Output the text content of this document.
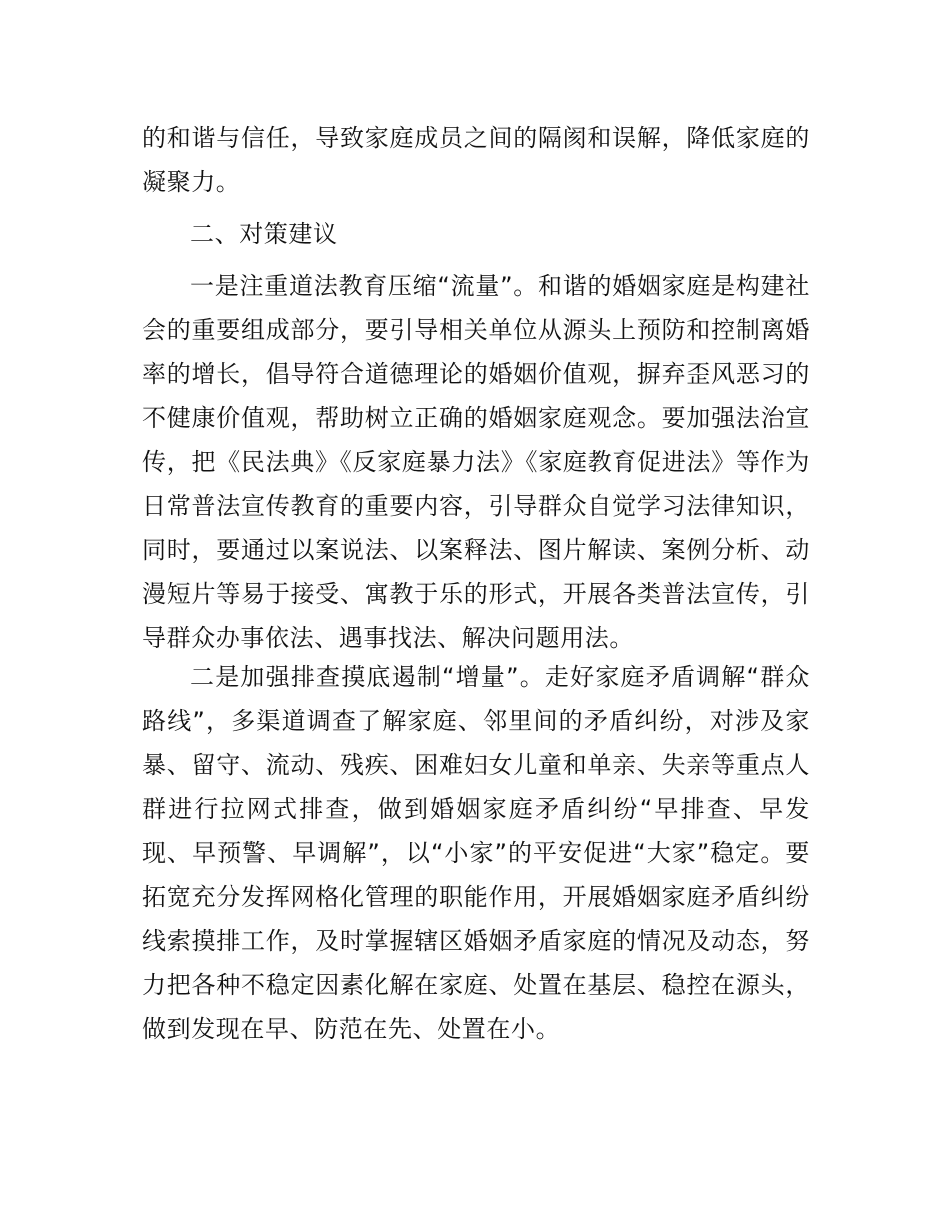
的和谐与信任，导致家庭成员之间的隔阂和误解，降低家庭的凝聚力。

二、对策建议

一是注重道法教育压缩“流量”。和谐的婚姻家庭是构建社会的重要组成部分，要引导相关单位从源头上预防和控制离婚率的增长，倡导符合道德理论的婚姻价值观，摒弃歪风恶习的不健康价值观，帮助树立正确的婚姻家庭观念。要加强法治宣传，把《民法典》《反家庭暴力法》《家庭教育促进法》等作为日常普法宣传教育的重要内容，引导群众自觉学习法律知识，同时，要通过以案说法、以案释法、图片解读、案例分析、动漫短片等易于接受、寓教于乐的形式，开展各类普法宣传，引导群众办事依法、遇事找法、解决问题用法。

二是加强排查摸底遏制“增量”。走好家庭矛盾调解“群众路线”，多渠道调查了解家庭、邻里间的矛盾纠纷，对涉及家暴、留守、流动、残疾、困难妇女儿童和单亲、失亲等重点人群进行拉网式排查，做到婚姻家庭矛盾纠纷“早排查、早发现、早预警、早调解”，以“小家”的平安促进“大家”稳定。要拓宽充分发挥网格化管理的职能作用，开展婚姻家庭矛盾纠纷线索摸排工作，及时掌握辖区婚姻矛盾家庭的情况及动态，努力把各种不稳定因素化解在家庭、处置在基层、稳控在源头，做到发现在早、防范在先、处置在小。
